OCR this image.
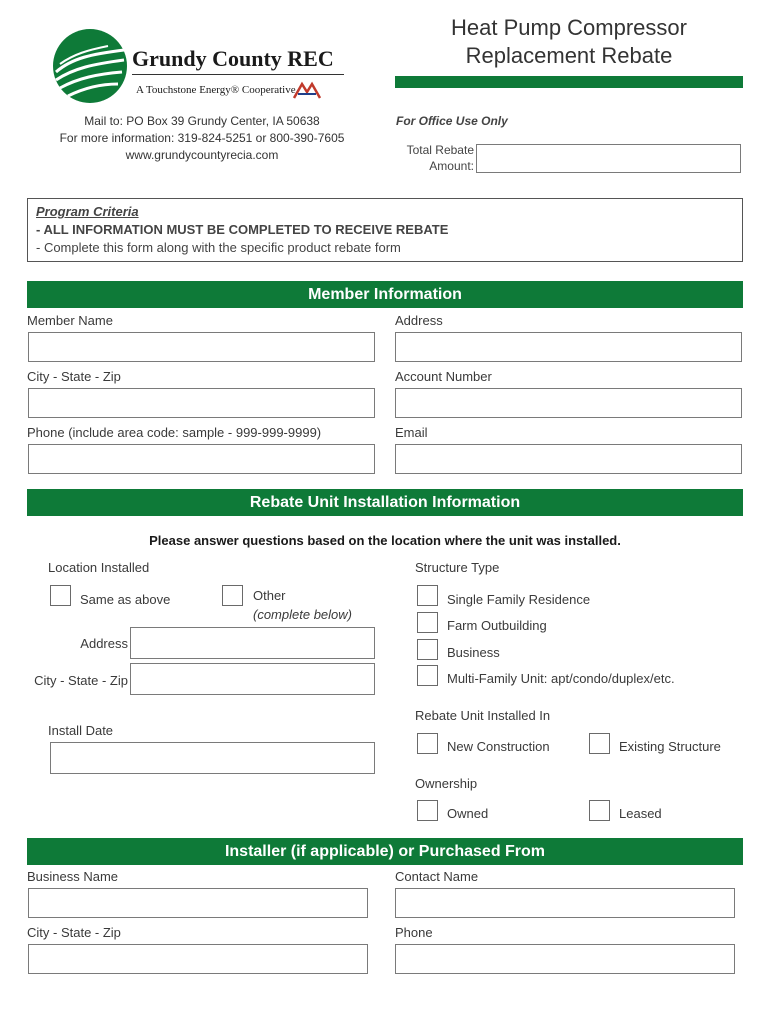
Grundy County REC
A Touchstone Energy® Cooperative
Heat Pump Compressor
Replacement Rebate
Mail to: PO Box 39 Grundy Center, IA 50638
For more information: 319-824-5251 or 800-390-7605
www.grundycountyrecia.com
For Office Use Only
Total Rebate
Amount:
Program Criteria
- ALL INFORMATION MUST BE COMPLETED TO RECEIVE REBATE
- Complete this form along with the specific product rebate form
Member Information
Member Name	Address
City - State - Zip	Account Number
Phone (include area code: sample - 999-999-9999)	Email
Rebate Unit Installation Information
Please answer questions based on the location where the unit was installed.
Location Installed
Same as above	Other
(complete below)
Address
City - State - Zip
Install Date
Structure Type
Single Family Residence
Farm Outbuilding
Business
Multi-Family Unit: apt/condo/duplex/etc.
Rebate Unit Installed In
New Construction	Existing Structure
Ownership
Owned	Leased
Installer (if applicable) or Purchased From
Business Name	Contact Name
City - State - Zip	Phone
